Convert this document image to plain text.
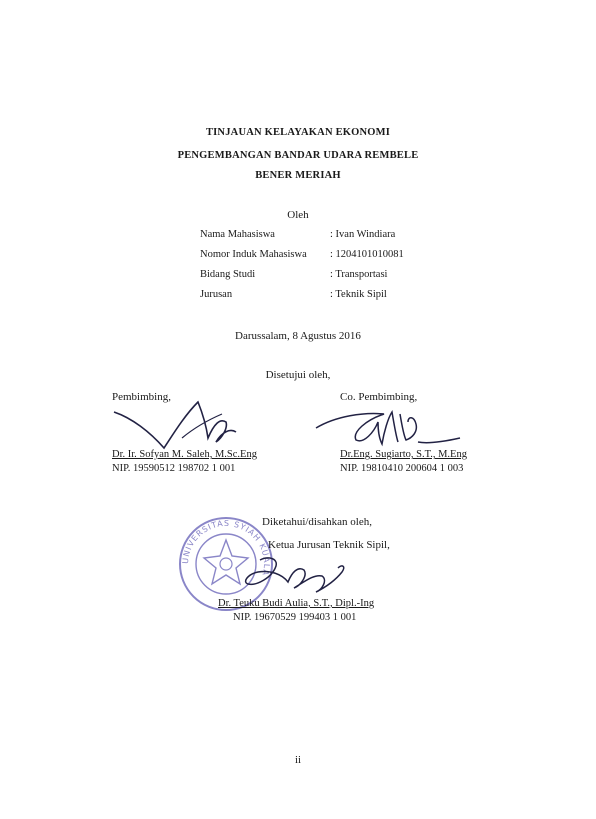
TINJAUAN KELAYAKAN EKONOMI
PENGEMBANGAN BANDAR UDARA REMBELE
BENER MERIAH
Oleh
Nama Mahasiswa	: Ivan Windiara
Nomor Induk Mahasiswa	: 1204101010081
Bidang Studi	: Transportasi
Jurusan	: Teknik Sipil
Darussalam, 8 Agustus 2016
Disetujui oleh,
Pembimbing,	Co. Pembimbing,
Dr. Ir. Sofyan M. Saleh, M.Sc.Eng
NIP. 19590512 198702 1 001
Dr.Eng. Sugiarto, S.T., M.Eng
NIP. 19810410 200604 1 003
UNIVERSITAS SYIAH KUALA
Diketahui/disahkan oleh,
Ketua Jurusan Teknik Sipil,
Dr. Teuku Budi Aulia, S.T., Dipl.-Ing
NIP. 19670529 199403 1 001
ii
